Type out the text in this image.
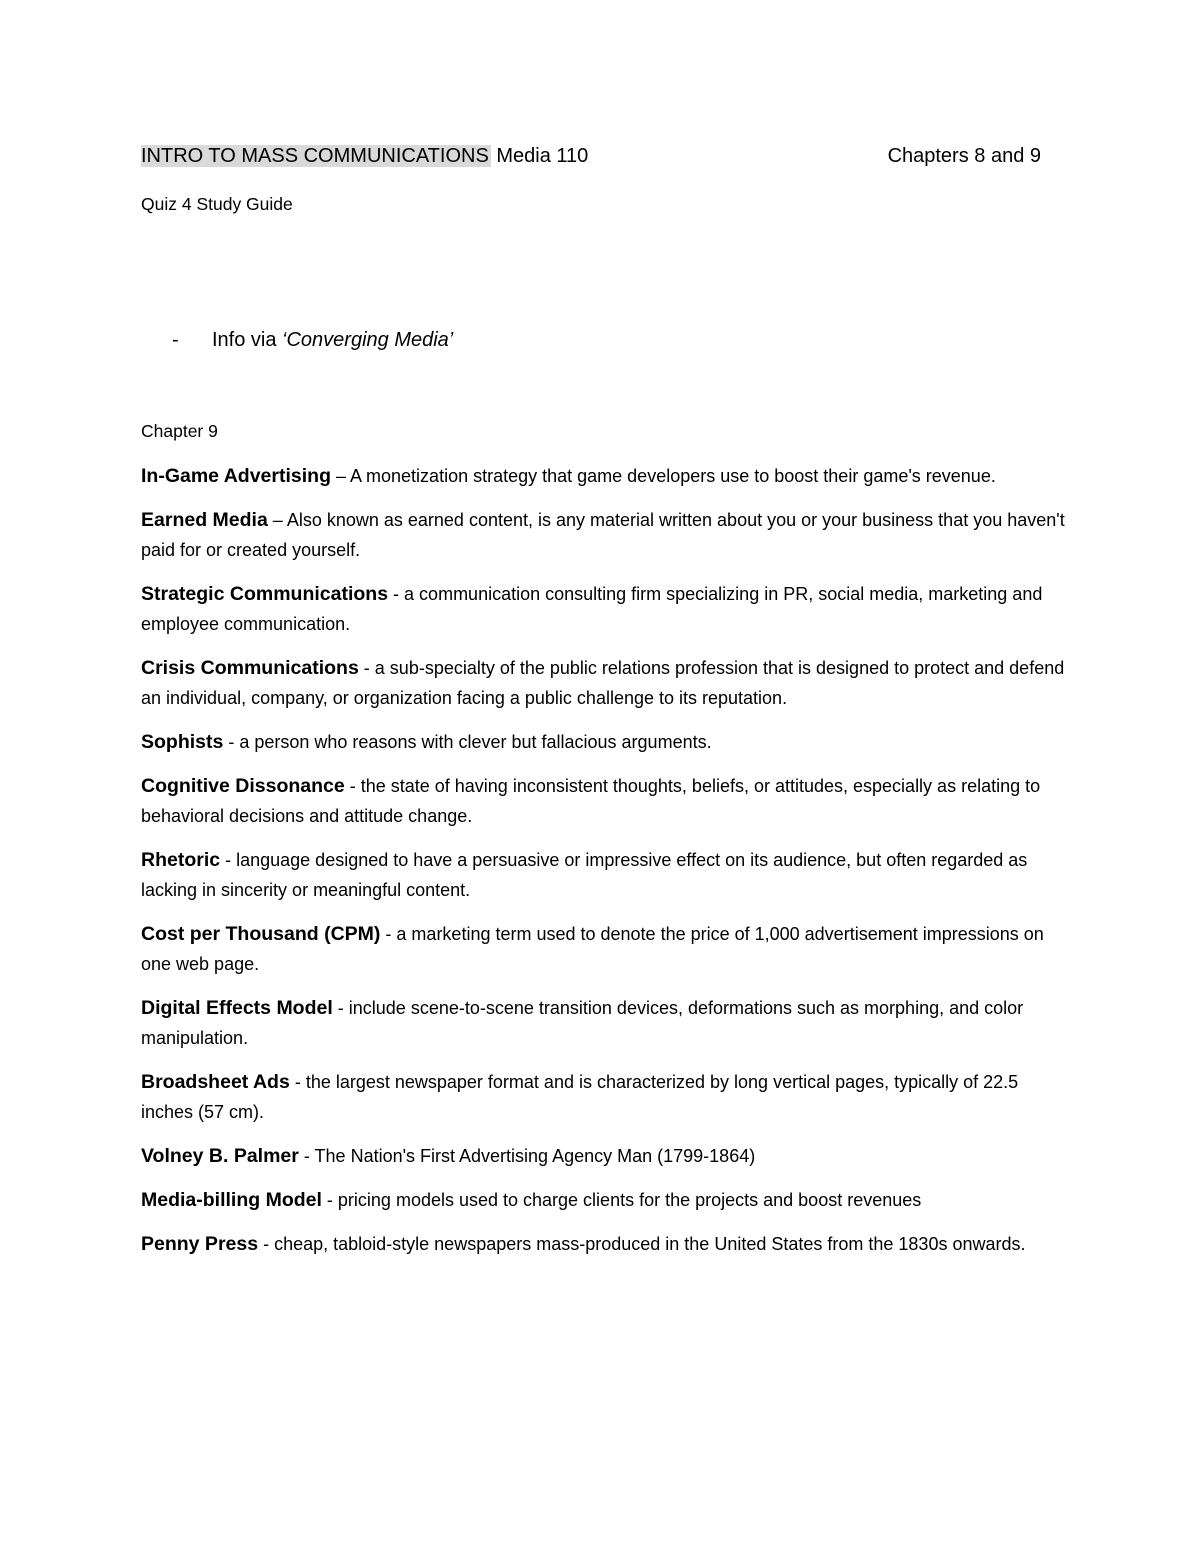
INTRO TO MASS COMMUNICATIONS Media 110	Chapters 8 and 9
Quiz 4 Study Guide
- Info via ‘Converging Media’
Chapter 9
In-Game Advertising – A monetization strategy that game developers use to boost their game's revenue.
Earned Media – Also known as earned content, is any material written about you or your business that you haven't paid for or created yourself.
Strategic Communications - a communication consulting firm specializing in PR, social media, marketing and employee communication.
Crisis Communications - a sub-specialty of the public relations profession that is designed to protect and defend an individual, company, or organization facing a public challenge to its reputation.
Sophists - a person who reasons with clever but fallacious arguments.
Cognitive Dissonance - the state of having inconsistent thoughts, beliefs, or attitudes, especially as relating to behavioral decisions and attitude change.
Rhetoric - language designed to have a persuasive or impressive effect on its audience, but often regarded as lacking in sincerity or meaningful content.
Cost per Thousand (CPM) - a marketing term used to denote the price of 1,000 advertisement impressions on one web page.
Digital Effects Model - include scene-to-scene transition devices, deformations such as morphing, and color manipulation.
Broadsheet Ads - the largest newspaper format and is characterized by long vertical pages, typically of 22.5 inches (57 cm).
Volney B. Palmer - The Nation's First Advertising Agency Man (1799-1864)
Media-billing Model - pricing models used to charge clients for the projects and boost revenues
Penny Press - cheap, tabloid-style newspapers mass-produced in the United States from the 1830s onwards.
